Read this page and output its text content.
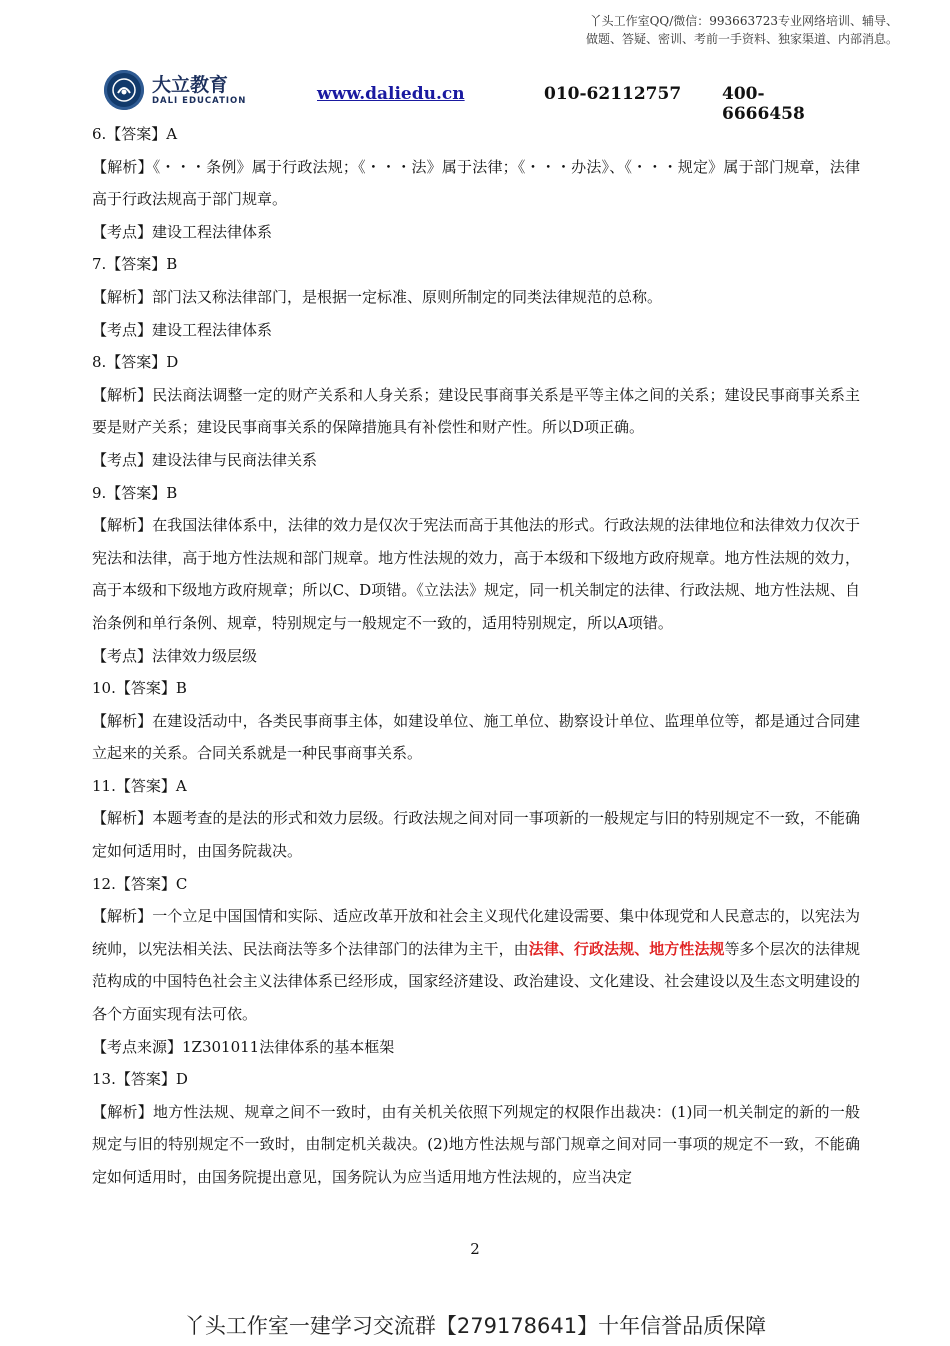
丫头工作室QQ/微信：993663723专业网络培训、辅导、
做题、答疑、密训、考前一手资料、独家渠道、内部消息。
大立教育
DALI EDUCATION	www.daliedu.cn	010-62112757 400-6666458

6.【答案】A

【解析】《・・・条例》属于行政法规；《・・・法》属于法律；《・・・办法》、《・・・规定》属于部门规章，法律高于行政法规高于部门规章。

【考点】建设工程法律体系

7.【答案】B

【解析】部门法又称法律部门，是根据一定标准、原则所制定的同类法律规范的总称。

【考点】建设工程法律体系

8.【答案】D

【解析】民法商法调整一定的财产关系和人身关系；建设民事商事关系是平等主体之间的关系；建设民事商事关系主要是财产关系；建设民事商事关系的保障措施具有补偿性和财产性。所以D项正确。

【考点】建设法律与民商法律关系

9.【答案】B

【解析】在我国法律体系中，法律的效力是仅次于宪法而高于其他法的形式。行政法规的法律地位和法律效力仅次于宪法和法律，高于地方性法规和部门规章。地方性法规的效力，高于本级和下级地方政府规章。地方性法规的效力，高于本级和下级地方政府规章；所以C、D项错。《立法法》规定，同一机关制定的法律、行政法规、地方性法规、自治条例和单行条例、规章，特别规定与一般规定不一致的，适用特别规定，所以A项错。

【考点】法律效力级层级

10.【答案】B

【解析】在建设活动中，各类民事商事主体，如建设单位、施工单位、勘察设计单位、监理单位等，都是通过合同建立起来的关系。合同关系就是一种民事商事关系。

11.【答案】A

【解析】本题考查的是法的形式和效力层级。行政法规之间对同一事项新的一般规定与旧的特别规定不一致，不能确定如何适用时，由国务院裁决。

12.【答案】C

【解析】一个立足中国国情和实际、适应改革开放和社会主义现代化建设需要、集中体现党和人民意志的，以宪法为统帅，以宪法相关法、民法商法等多个法律部门的法律为主干，由法律、行政法规、地方性法规等多个层次的法律规范构成的中国特色社会主义法律体系已经形成，国家经济建设、政治建设、文化建设、社会建设以及生态文明建设的各个方面实现有法可依。

【考点来源】1Z301011法律体系的基本框架

13.【答案】D

【解析】地方性法规、规章之间不一致时，由有关机关依照下列规定的权限作出裁决：(1)同一机关制定的新的一般规定与旧的特别规定不一致时，由制定机关裁决。(2)地方性法规与部门规章之间对同一事项的规定不一致，不能确定如何适用时，由国务院提出意见，国务院认为应当适用地方性法规的，应当决定

2
丫头工作室一建学习交流群【279178641】十年信誉品质保障
